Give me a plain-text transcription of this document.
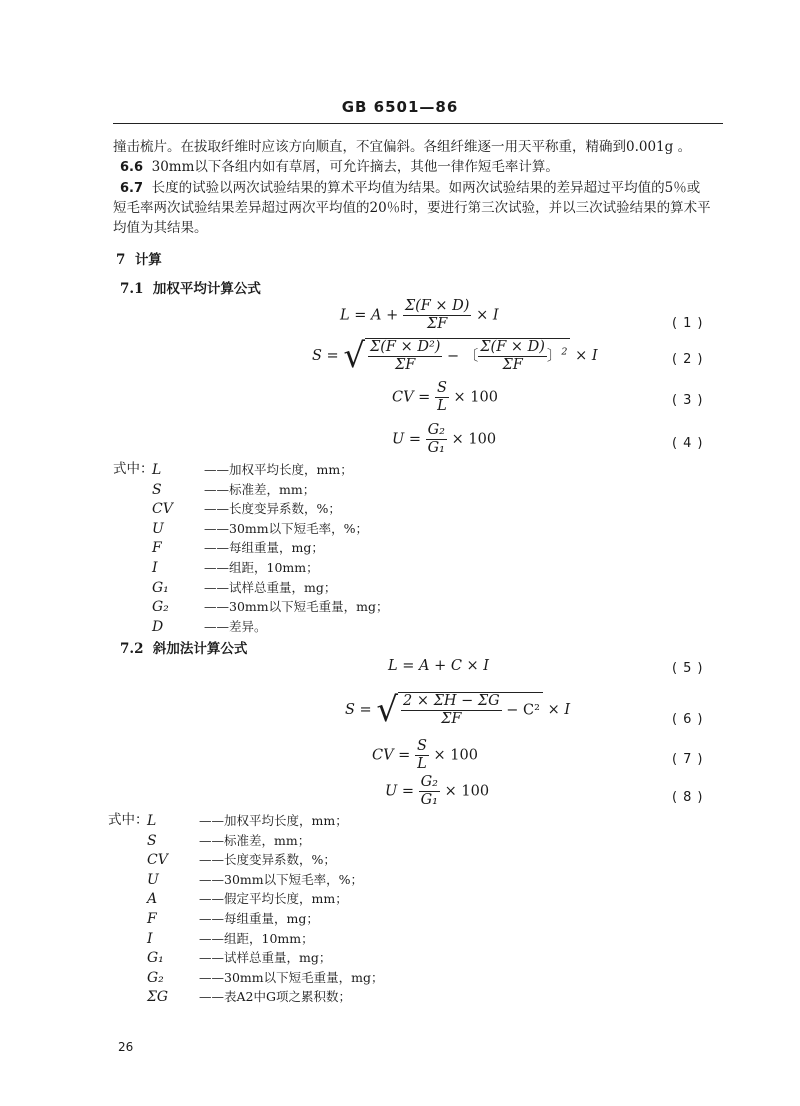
GB 6501—86
撞击梳片。在拔取纤维时应该方向顺直，不宜偏斜。各组纤维逐一用天平称重，精确到0.001g 。
6.6 30mm以下各组内如有草屑，可允许摘去，其他一律作短毛率计算。
6.7 长度的试验以两次试验结果的算术平均值为结果。如两次试验结果的差异超过平均值的5％或
短毛率两次试验结果差异超过两次平均值的20％时，要进行第三次试验，并以三次试验结果的算术平
均值为其结果。
7 计算
7.1 加权平均计算公式
$L = A + \frac{\Sigma(F \times D)}{\Sigma F} \times I$	(1)
S = √ $\frac{\text{Σ(F × D²)}}{\Sigma F}$ − 〔 $\frac{\Sigma(F \times D)}{\Sigma F}$ 〕$^2$ × I	(2)
CV = $\frac{S}{L} \times 100$	(3)
$U = \frac{\text{G₂}}{\text{G₁}} \times 100$	(4)
式中：
L	——加权平均长度，mm；
S	——标准差，mm；
CV ——长度变异系数，%；
U	——30mm以下短毛率，%；
F	——每组重量，mg；
I	——组距，10mm；
G₁	——试样总重量，mg；
G₂	——30mm以下短毛重量，mg；
D	——差异。
7.2 斜加法计算公式
L = A + C × I	(5)
S = √ $\frac{2 \times \Sigma H - \Sigma G}{\Sigma F} - C^2 \times I$
(6)
CV = $\frac{S}{L} \times 100$	(7)
$U = \frac{\text{G₂}}{\text{G₁}} \times 100$	(8)
式中：
L	——加权平均长度，mm；
S	——标准差，mm；
CV ——长度变异系数，%；
U	——30mm以下短毛率，%；
A	——假定平均长度，mm；
F	——每组重量，mg；
I	——组距，10mm；
G₁	——试样总重量，mg；
G₂	——30mm以下短毛重量，mg；
ΣG ——表A2中G项之累积数；
26
